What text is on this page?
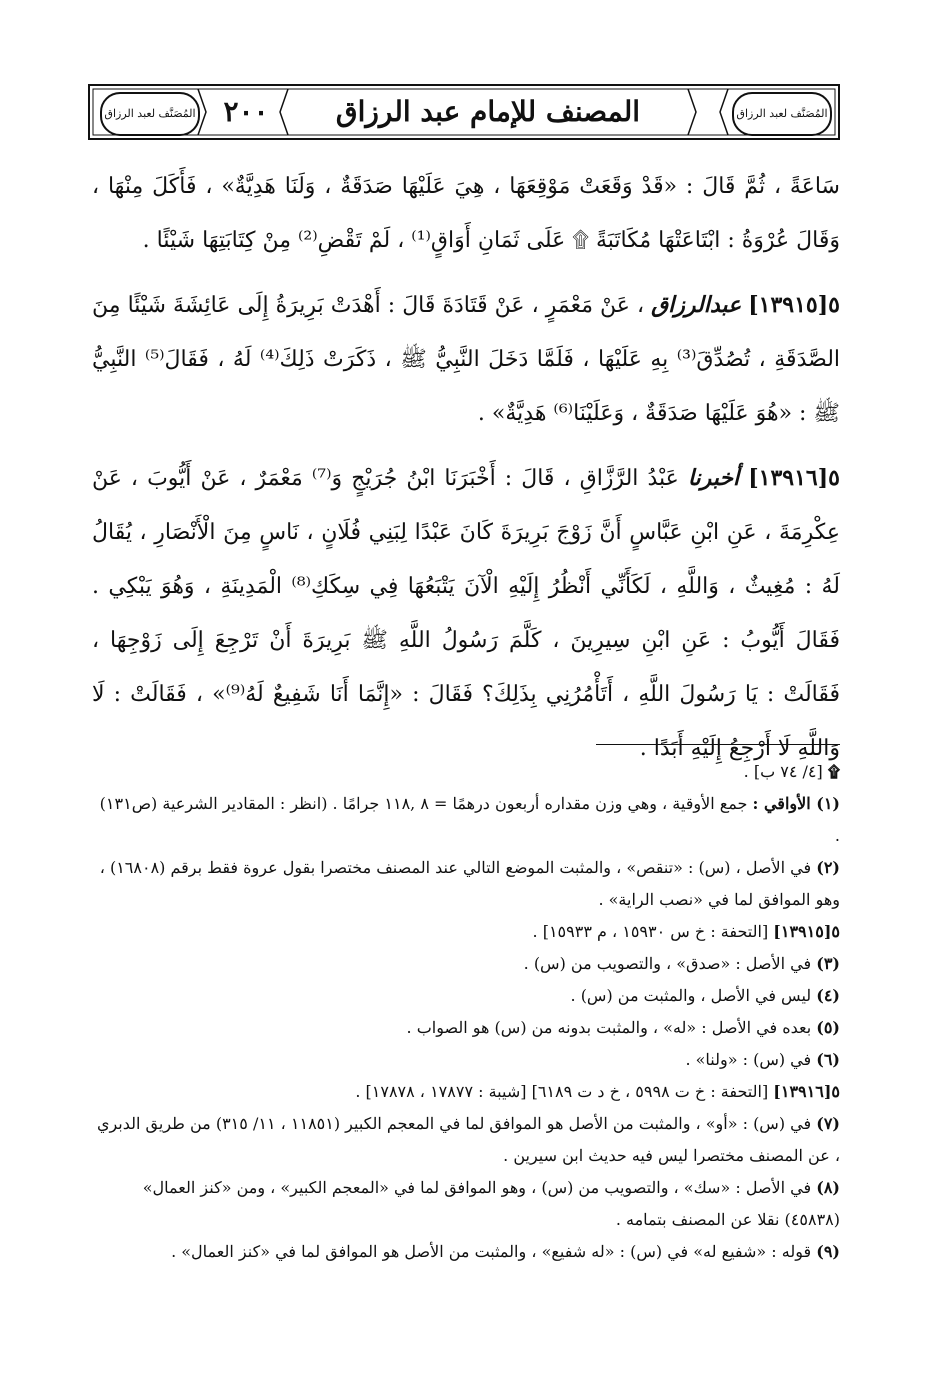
المُصَنَّف لعبد الرزاق ٢٠٠	المصنف للإمام عبد الرزاق	المُصَنَّف لعبد الرزاق

سَاعَةً ، ثُمَّ قَالَ : «قَدْ وَقَعَتْ مَوْقِعَهَا ، هِيَ عَلَيْهَا صَدَقَةٌ ، وَلَنَا هَدِيَّةٌ» ، فَأَكَلَ مِنْهَا ، وَقَالَ عُرْوَةُ : ابْتَاعَتْهَا مُكَاتَبَةً ۩ عَلَى ثَمَانِ أَوَاقٍ⁽¹⁾ ، لَمْ تَقْضِ⁽²⁾ مِنْ كِتَابَتِهَا شَيْئًا .

٥[١٣٩١٥] عبدالرزاق ، عَنْ مَعْمَرٍ ، عَنْ قَتَادَةَ قَالَ : أَهْدَتْ بَرِيرَةُ إِلَى عَائِشَةَ شَيْئًا مِنَ الصَّدَقَةِ ، تُصُدِّقَ⁽³⁾ بِهِ عَلَيْهَا ، فَلَمَّا دَخَلَ النَّبِيُّ ﷺ ، ذَكَرَتْ ذَلِكَ⁽⁴⁾ لَهُ ، فَقَالَ⁽⁵⁾ النَّبِيُّ ﷺ : «هُوَ عَلَيْهَا صَدَقَةٌ ، وَعَلَيْنَا⁽⁶⁾ هَدِيَّةٌ» .

٥[١٣٩١٦] أخبرنا عَبْدُ الرَّزَّاقِ ، قَالَ : أَخْبَرَنَا ابْنُ جُرَيْجٍ وَ⁽⁷⁾ مَعْمَرٌ ، عَنْ أَيُّوبَ ، عَنْ عِكْرِمَةَ ، عَنِ ابْنِ عَبَّاسٍ أَنَّ زَوْجَ بَرِيرَةَ كَانَ عَبْدًا لِبَنِي فُلَانٍ ، نَاسٍ مِنَ الْأَنْصَارِ ، يُقَالُ لَهُ : مُغِيثٌ ، وَاللَّهِ ، لَكَأَنِّي أَنْظُرُ إِلَيْهِ الْآنَ يَتْبَعُهَا فِي سِكَكِ⁽⁸⁾ الْمَدِينَةِ ، وَهُوَ يَبْكِي . فَقَالَ أَيُّوبُ : عَنِ ابْنِ سِيرِينَ ، كَلَّمَ رَسُولُ اللَّهِ ﷺ بَرِيرَةَ أَنْ تَرْجِعَ إِلَى زَوْجِهَا ، فَقَالَتْ : يَا رَسُولَ اللَّهِ ، أَتَأْمُرُنِي بِذَلِكَ؟ فَقَالَ : «إِنَّمَا أَنَا شَفِيعٌ لَهُ⁽⁹⁾» ، فَقَالَتْ : لَا وَاللَّهِ لَا أَرْجِعُ إِلَيْهِ أَبَدًا .

۩ [٤/ ٧٤ ب] .

(١) الأواقي : جمع الأوقية ، وهي وزن مقداره أربعون درهمًا = ٨ ,١١٨ جرامًا . (انظر : المقادير الشرعية (ص١٣١) .

(٢) في الأصل ، (س) : «تنقص» ، والمثبت الموضع التالي عند المصنف مختصرا بقول عروة فقط برقم (١٦٨٠٨) ، وهو الموافق لما في «نصب الراية» .

٥[١٣٩١٥] [التحفة : خ س ١٥٩٣٠ ، م ١٥٩٣٣] .

(٣) في الأصل : «صدق» ، والتصويب من (س) .

(٤) ليس في الأصل ، والمثبت من (س) .

(٥) بعده في الأصل : «له» ، والمثبت بدونه من (س) هو الصواب .

(٦) في (س) : «ولنا» .

٥[١٣٩١٦] [التحفة : خ ت ٥٩٩٨ ، خ د ت ٦١٨٩] [شيبة : ١٧٨٧٧ ، ١٧٨٧٨] .

(٧) في (س) : «أو» ، والمثبت من الأصل هو الموافق لما في المعجم الكبير (١١٨٥١ ، ١١/ ٣١٥) من طريق الدبري ، عن المصنف مختصرا ليس فيه حديث ابن سيرين .

(٨) في الأصل : «سك» ، والتصويب من (س) ، وهو الموافق لما في «المعجم الكبير» ، ومن «كنز العمال» (٤٥٨٣٨) نقلا عن المصنف بتمامه .

(٩) قوله : «شفيع له» في (س) : «له شفيع» ، والمثبت من الأصل هو الموافق لما في «كنز العمال» .
